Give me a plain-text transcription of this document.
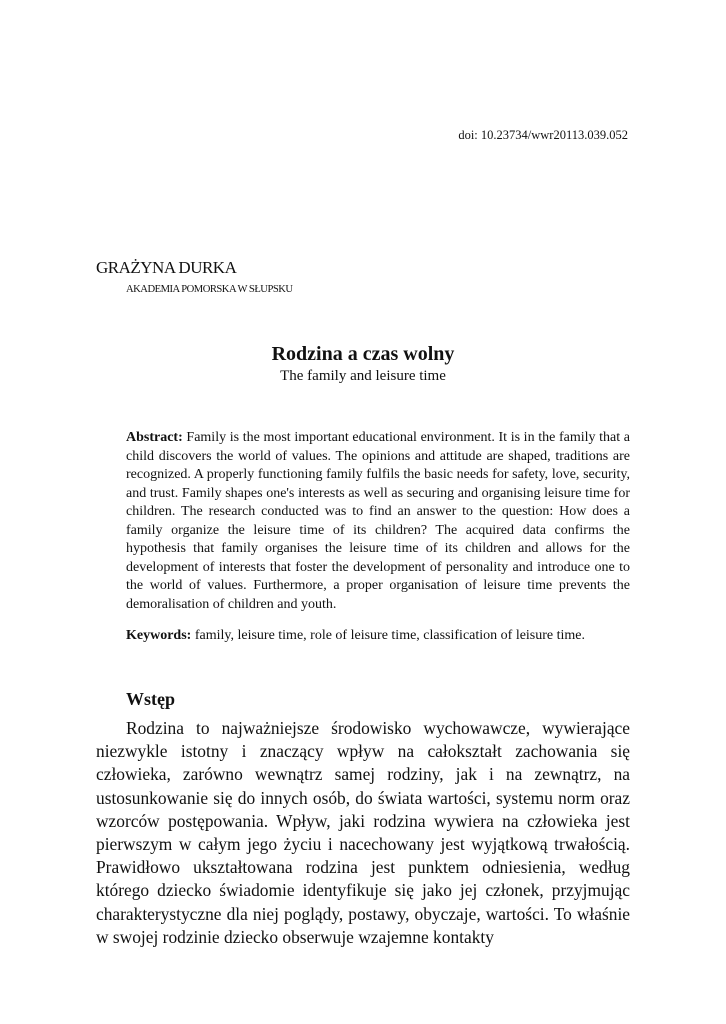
doi: 10.23734/wwr20113.039.052
GRAŻYNA DURKA
AKADEMIA POMORSKA W SŁUPSKU
Rodzina a czas wolny
The family and leisure time

Abstract: Family is the most important educational environment. It is in the family that a child discovers the world of values. The opinions and attitude are shaped, traditions are recognized. A properly functioning family fulfils the basic needs for safety, love, security, and trust. Family shapes one's interests as well as securing and organising leisure time for children. The research conducted was to find an answer to the question: How does a family organize the leisure time of its children? The acquired data confirms the hypothesis that family organises the leisure time of its children and allows for the development of interests that foster the development of personality and introduce one to the world of values. Furthermore, a proper organisation of leisure time prevents the demoralisation of children and youth.

Keywords: family, leisure time, role of leisure time, classification of leisure time.

Wstęp

Rodzina to najważniejsze środowisko wychowawcze, wywierające niezwykle istotny i znaczący wpływ na całokształt zachowania się człowieka, zarówno wewnątrz samej rodziny, jak i na zewnątrz, na ustosunkowanie się do innych osób, do świata wartości, systemu norm oraz wzorców postępowania. Wpływ, jaki rodzina wywiera na człowieka jest pierwszym w całym jego życiu i nacechowany jest wyjątkową trwałością. Prawidłowo ukształtowana rodzina jest punktem odniesienia, według którego dziecko świadomie identyfikuje się jako jej członek, przyjmując charakterystyczne dla niej poglądy, postawy, obyczaje, wartości. To właśnie w swojej rodzinie dziecko obserwuje wzajemne kontakty
